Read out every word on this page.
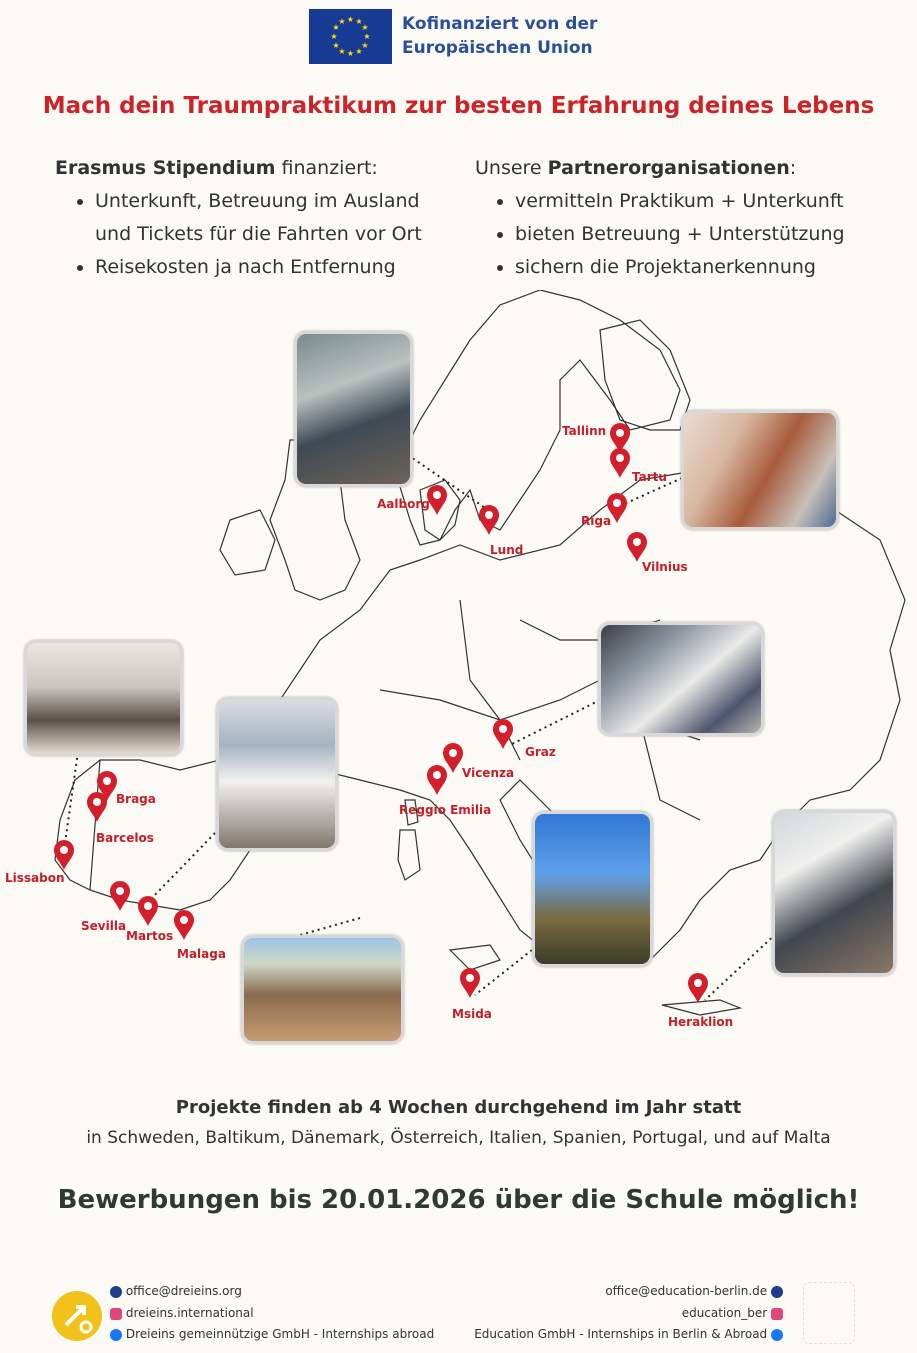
★ ★
★
★
★
★
★
★
★
★
★
★	Kofinanziert von der
Europäischen Union
Mach dein Traumpraktikum zur besten Erfahrung deines Lebens
Erasmus Stipendium finanziert:
• Unterkunft, Betreuung im Ausland und Tickets für die Fahrten vor Ort
• Reisekosten ja nach Entfernung
Unsere Partnerorganisationen:
• vermitteln Praktikum + Unterkunft
• bieten Betreuung + Unterstützung
• sichern die Projektanerkennung
Tallinn
Tartu
Riga
Vilnius
Aalborg
Lund
Graz
Vicenza
Reggio Emilia
Braga
Barcelos
Lissabon
Sevilla
Martos
Malaga
Msida
Heraklion
Projekte finden ab 4 Wochen durchgehend im Jahr statt
in Schweden, Baltikum, Dänemark, Österreich, Italien, Spanien, Portugal, und auf Malta
Bewerbungen bis 20.01.2026 über die Schule möglich!
office@dreieins.org
dreieins.international
Dreieins gemeinnützige GmbH - Internships abroad
office@education-berlin.de
education_ber
Education GmbH - Internships in Berlin & Abroad
